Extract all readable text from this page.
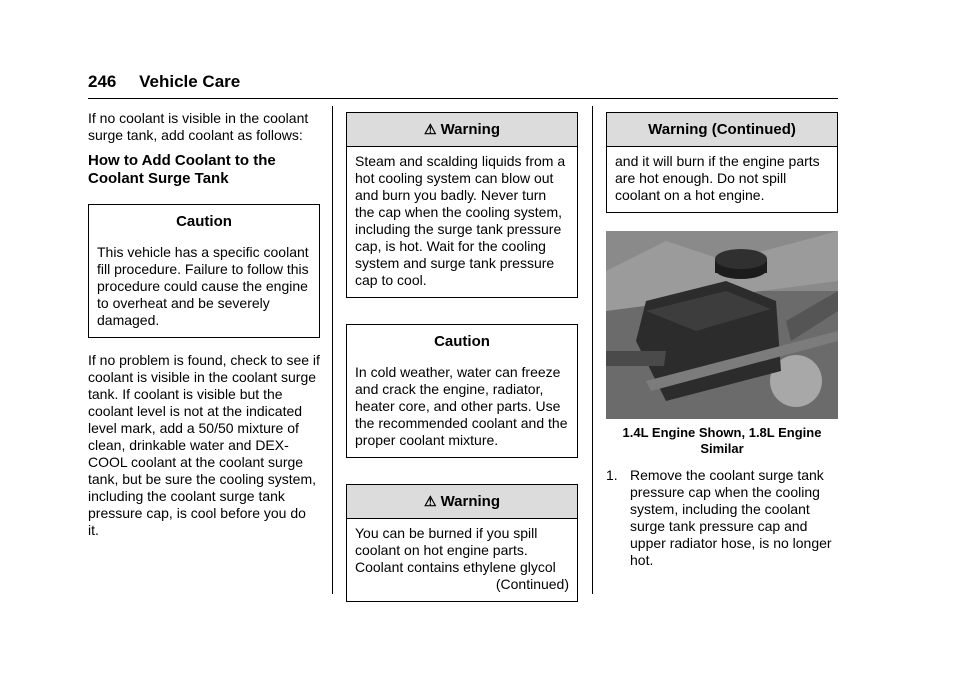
246 Vehicle Care

If no coolant is visible in the coolant surge tank, add coolant as follows:

How to Add Coolant to the Coolant Surge Tank
Caution
This vehicle has a specific coolant fill procedure. Failure to follow this procedure could cause the engine to overheat and be severely damaged.

If no problem is found, check to see if coolant is visible in the coolant surge tank. If coolant is visible but the coolant level is not at the indicated level mark, add a 50/50 mixture of clean, drinkable water and DEX-COOL coolant at the coolant surge tank, but be sure the cooling system, including the coolant surge tank pressure cap, is cool before you do it.

⚠ Warning
Steam and scalding liquids from a hot cooling system can blow out and burn you badly. Never turn the cap when the cooling system, including the surge tank pressure cap, is hot. Wait for the cooling system and surge tank pressure cap to cool.
Caution
In cold weather, water can freeze and crack the engine, radiator, heater core, and other parts. Use the recommended coolant and the proper coolant mixture.
⚠ Warning
You can be burned if you spill coolant on hot engine parts. Coolant contains ethylene glycol
(Continued)
Warning (Continued)
and it will burn if the engine parts are hot enough. Do not spill coolant on a hot engine.
1.4L Engine Shown, 1.8L Engine Similar
1. Remove the coolant surge tank pressure cap when the cooling system, including the coolant surge tank pressure cap and upper radiator hose, is no longer hot.
